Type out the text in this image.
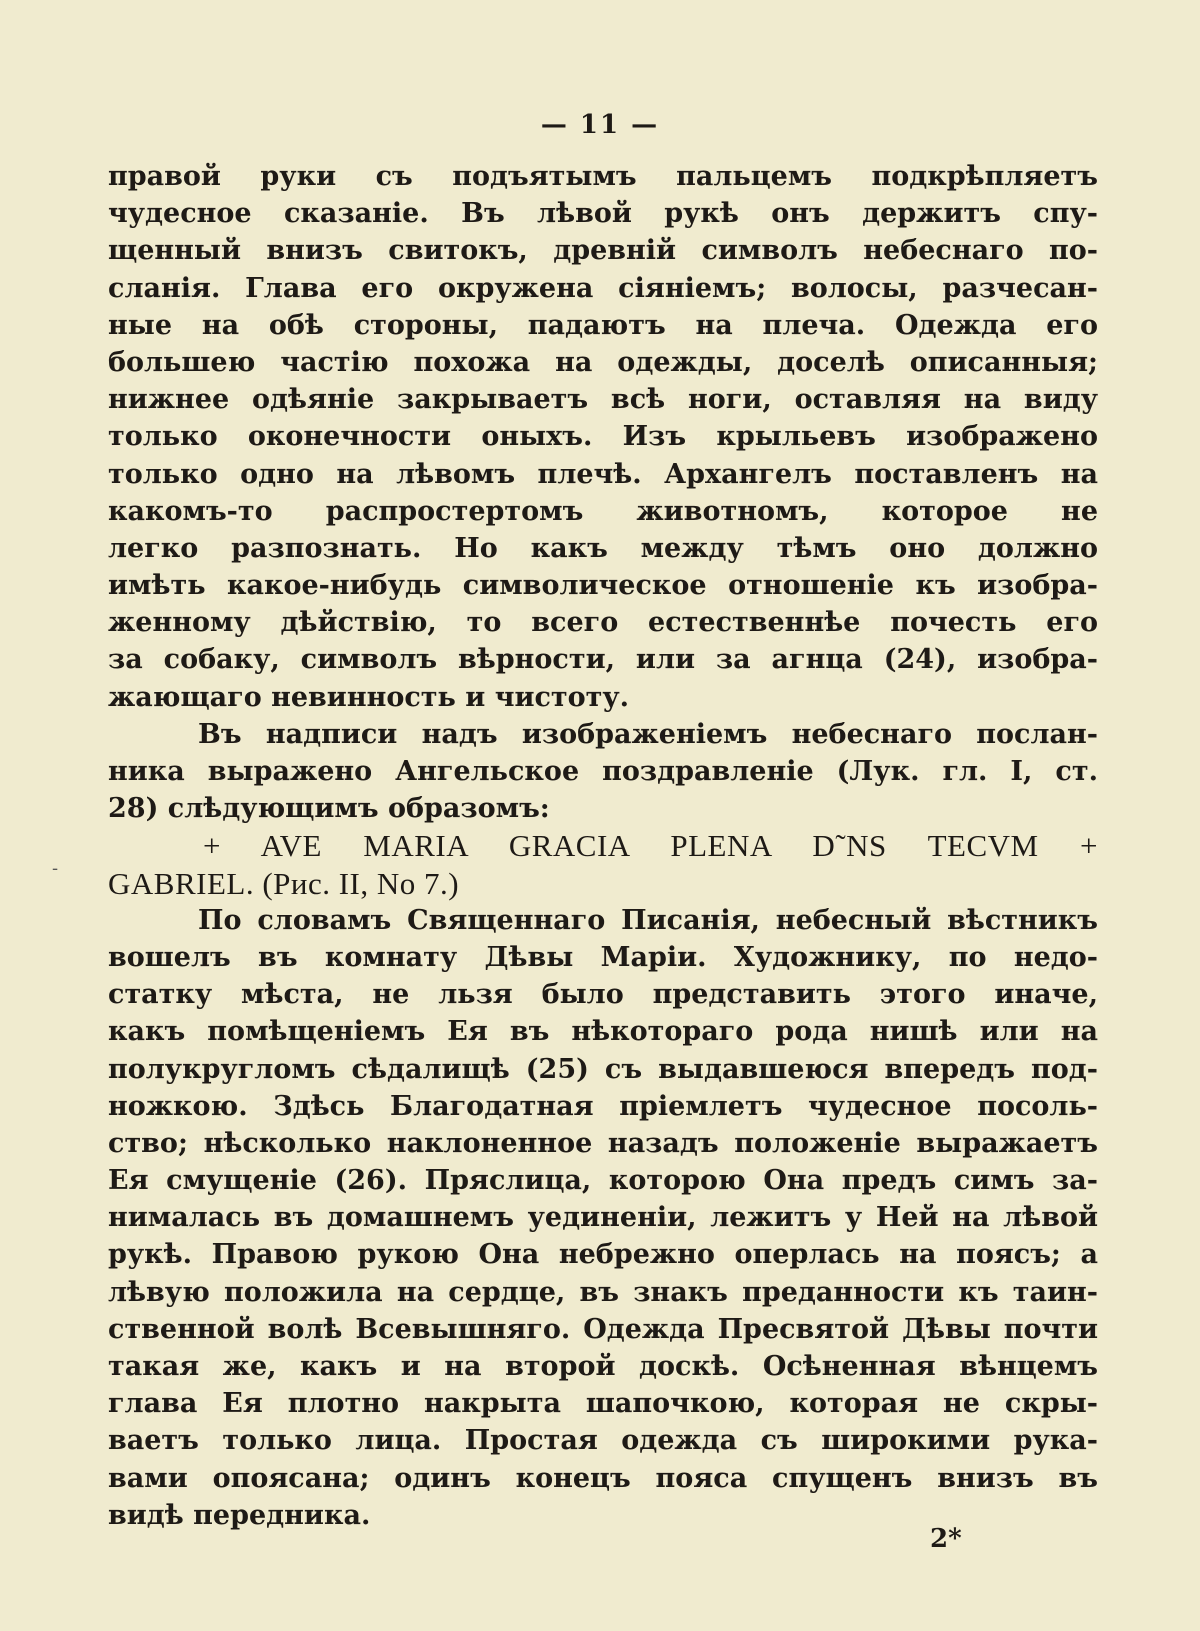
— 11 —
-
правой руки съ подъятымъ пальцемъ подкрѣпляетъ
чудесное сказаніе. Въ лѣвой рукѣ онъ держитъ спу-
щенный внизъ свитокъ, древній символъ небеснаго по-
сланія. Глава его окружена сіяніемъ; волосы, разчесан-
ные на обѣ стороны, падаютъ на плеча. Одежда его
большею частію похожа на одежды, доселѣ описанныя;
нижнее одѣяніе закрываетъ всѣ ноги, оставляя на виду
только оконечности оныхъ. Изъ крыльевъ изображено
только одно на лѣвомъ плечѣ. Архангелъ поставленъ на
какомъ-то распростертомъ животномъ, которое не
легко разпознать. Но какъ между тѣмъ оно должно
имѣть какое-нибудь символическое отношеніе къ изобра-
женному дѣйствію, то всего естественнѣе почесть его
за собаку, символъ вѣрности, или за агнца (24), изобра-
жающаго невинность и чистоту.
Въ надписи надъ изображеніемъ небеснаго послан-
ника выражено Ангельское поздравленіе (Лук. гл. I, ст.
28) слѣдующимъ образомъ:
+ AVE MARIA GRACIA PLENA D῀NS TECVM +
GABRIEL. (Рис. II, No 7.)
По словамъ Священнаго Писанія, небесный вѣстникъ
вошелъ въ комнату Дѣвы Маріи. Художнику, по недо-
статку мѣста, не льзя было представить этого иначе,
какъ помѣщеніемъ Ея въ нѣкотораго рода нишѣ или на
полукругломъ сѣдалищѣ (25) съ выдавшеюся впередъ под-
ножкою. Здѣсь Благодатная пріемлетъ чудесное посоль-
ство; нѣсколько наклоненное назадъ положеніе выражаетъ
Ея смущеніе (26). Пряслица, которою Она предъ симъ за-
нималась въ домашнемъ уединеніи, лежитъ у Ней на лѣвой
рукѣ. Правою рукою Она небрежно оперлась на поясъ; а
лѣвую положила на сердце, въ знакъ преданности къ таин-
ственной волѣ Всевышняго. Одежда Пресвятой Дѣвы почти
такая же, какъ и на второй доскѣ. Осѣненная вѣнцемъ
глава Ея плотно накрыта шапочкою, которая не скры-
ваетъ только лица. Простая одежда съ широкими рука-
вами опоясана; одинъ конецъ пояса спущенъ внизъ въ
видѣ передника.
2*
